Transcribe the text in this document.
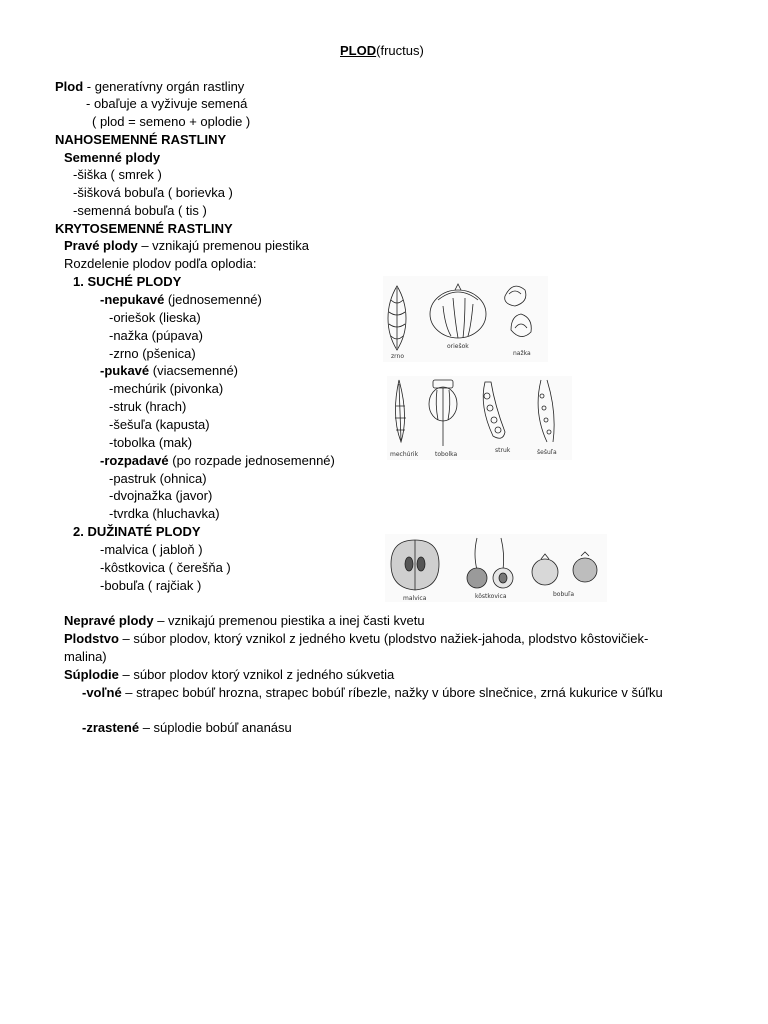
PLOD(fructus)
Plod - generatívny orgán rastliny
- obaľuje a vyživuje semená
( plod = semeno + oplodie )
NAHOSEMENNÉ RASTLINY
Semenné plody
-šiška ( smrek )
-šišková bobuľa ( borievka )
-semenná bobuľa ( tis )
KRYTOSEMENNÉ RASTLINY
Pravé plody – vznikajú premenou piestika
Rozdelenie plodov podľa oplodia:
1. SUCHÉ PLODY
-nepukavé (jednosemenné)
-oriešok (lieska)
-nažka (púpava)
-zrno (pšenica)
-pukavé (viacsemenné)
-mechúrik (pivonka)
-struk (hrach)
-šešuľa (kapusta)
-tobolka (mak)
-rozpadavé (po rozpade jednosemenné)
-pastruk (ohnica)
-dvojnažka (javor)
-tvrdka (hluchavka)
2. DUŽINATÉ PLODY
-malvica ( jabloň )
-kôstkovica ( čerešňa )
-bobuľa ( rajčiak )
Nepravé plody – vznikajú premenou piestika a inej časti kvetu
Plodstvo – súbor plodov, ktorý vznikol z jedného kvetu (plodstvo nažiek-jahoda, plodstvo kôstovičiek-malina)
Súplodie – súbor plodov ktorý vznikol z jedného súkvetia
-voľné – strapec bobúľ hrozna, strapec bobúľ ríbezle, nažky v úbore slnečnice, zrná kukurice v šúľku
-zrastené – súplodie bobúľ ananásu
zrno
oriešok
nažka
mechúrik	tobolka
struk	šešuľa
malvica	kôstkovica	bobuľa
